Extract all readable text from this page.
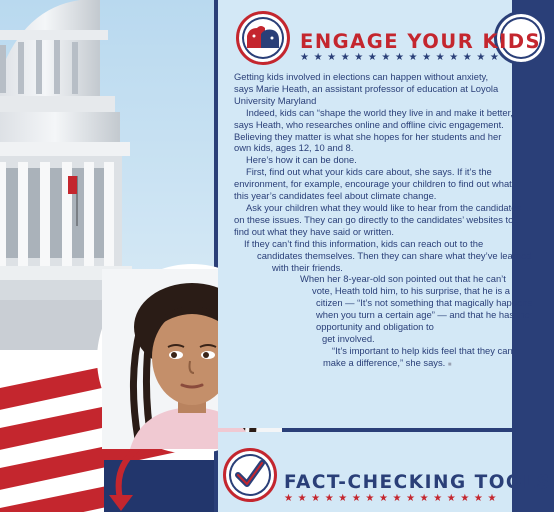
ENGAGE YOUR KIDS
★★★★★★★★★★★★★★★

Getting kids involved in elections can happen without anxiety,

says Marie Heath, an assistant professor of education at Loyola

University Maryland

Indeed, kids can “shape the world they live in and make it better,”

says Heath, who researches online and offline civic engagement.

Believing they matter is what she hopes for her students and her

own kids, ages 12, 10 and 8.

Here’s how it can be done.

First, find out what your kids care about, she says. If it’s the

environment, for example, encourage your children to find out what

this year’s candidates feel about climate change.

Ask your children what they would like to hear from the candidates

on these issues. They can go directly to the candidates’ websites to

find out what they have said or written.

If they can’t find this information, kids can reach out to the

candidates themselves. Then they can share what they’ve learned

with their friends.

When her 8-year-old son pointed out that he can’t

vote, Heath told him, to his surprise, that he is a

citizen — “It’s not something that magically happens

when you turn a certain age” — and that he has the

opportunity and obligation to

get involved.

“It’s important to help kids feel that they can

make a difference,” she says. ■

FACT-CHECKING TOOLS
★★★★★★★★★★★★★★★★
